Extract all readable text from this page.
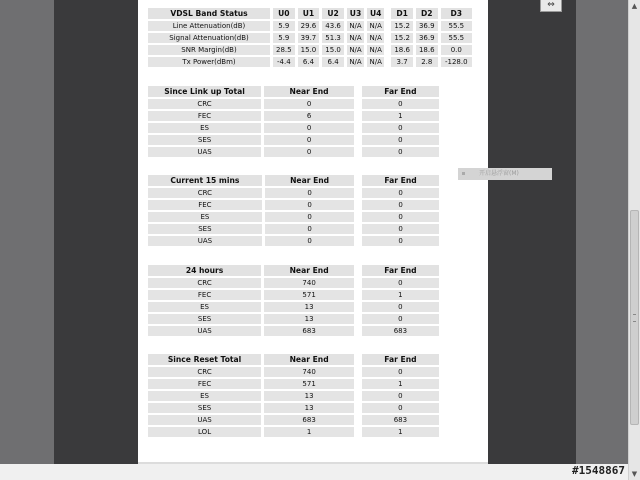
⇔
VDSL Band Status	U0	U1	U2	U3	U4		D1	D2	D3
Line Attenuation(dB)	5.9	29.6	43.6	N/A	N/A		15.2	36.9	55.5
Signal Attenuation(dB)	5.9	39.7	51.3	N/A	N/A		15.2	36.9	55.5
SNR Margin(dB)	28.5	15.0	15.0	N/A	N/A		18.6	18.6	0.0
Tx Power(dBm)	-4.4	6.4	6.4	N/A	N/A		3.7	2.8	-128.0
Since Link up Total	Near End		Far End
CRC	0		0
FEC	6		1
ES	0		0
SES	0		0
UAS	0		0
Current 15 mins	Near End		Far End
CRC	0		0
FEC	0		0
ES	0		0
SES	0		0
UAS	0		0
24 hours	Near End		Far End
CRC	740		0
FEC	571		1
ES	13		0
SES	13		0
UAS	683		683
Since Reset Total	Near End		Far End
CRC	740		0
FEC	571		1
ES	13		0
SES	13		0
UAS	683		683
LOL	1		1
开启悬浮窗(M)
▲
▼
#1548867
